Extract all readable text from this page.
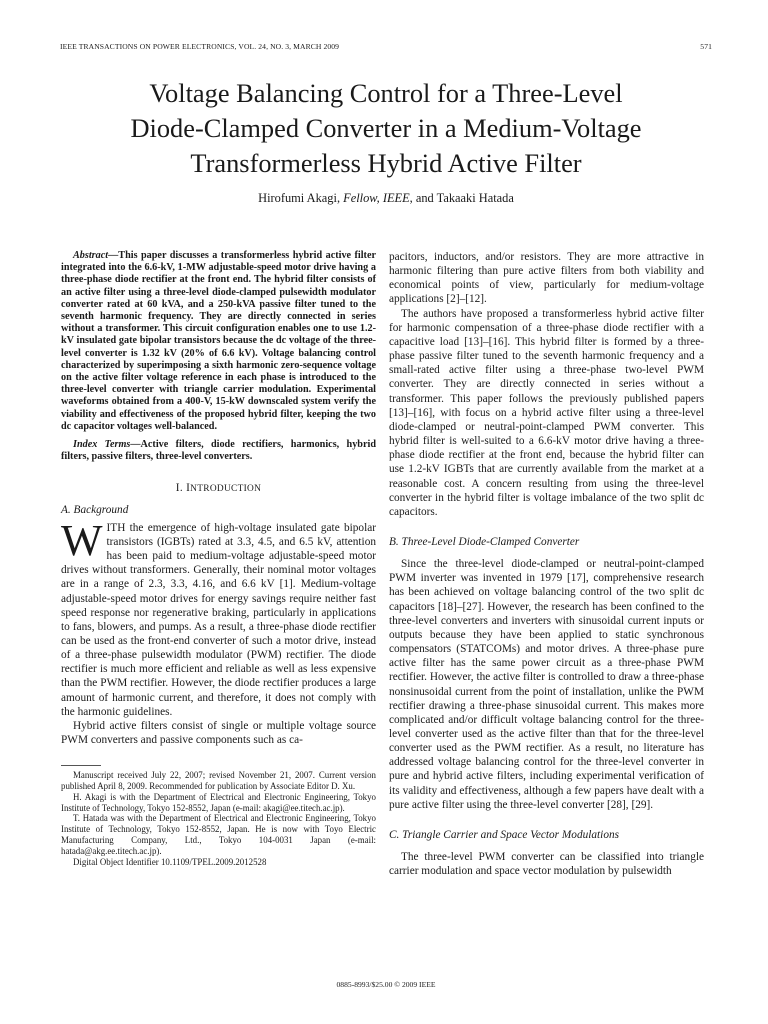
IEEE TRANSACTIONS ON POWER ELECTRONICS, VOL. 24, NO. 3, MARCH 2009	571
Voltage Balancing Control for a Three-Level
Diode-Clamped Converter in a Medium-Voltage
Transformerless Hybrid Active Filter
Hirofumi Akagi, Fellow, IEEE, and Takaaki Hatada

Abstract—This paper discusses a transformerless hybrid active filter integrated into the 6.6-kV, 1-MW adjustable-speed motor drive having a three-phase diode rectifier at the front end. The hybrid filter consists of an active filter using a three-level diode-clamped pulsewidth modulator converter rated at 60 kVA, and a 250-kVA passive filter tuned to the seventh harmonic frequency. They are directly connected in series without a transformer. This circuit configuration enables one to use 1.2-kV insulated gate bipolar transistors because the dc voltage of the three-level converter is 1.32 kV (20% of 6.6 kV). Voltage balancing control characterized by superimposing a sixth harmonic zero-sequence voltage on the active filter voltage reference in each phase is introduced to the three-level converter with triangle carrier modulation. Experimental waveforms obtained from a 400-V, 15-kW downscaled system verify the viability and effectiveness of the proposed hybrid filter, keeping the two dc capacitor voltages well-balanced.

Index Terms—Active filters, diode rectifiers, harmonics, hybrid filters, passive filters, three-level converters.

I. INTRODUCTION

A. Background

WITH the emergence of high-voltage insulated gate bipolar transistors (IGBTs) rated at 3.3, 4.5, and 6.5 kV, attention has been paid to medium-voltage adjustable-speed motor drives without transformers. Generally, their nominal motor voltages are in a range of 2.3, 3.3, 4.16, and 6.6 kV [1]. Medium-voltage adjustable-speed motor drives for energy savings require neither fast speed response nor regenerative braking, particularly in applications to fans, blowers, and pumps. As a result, a three-phase diode rectifier can be used as the front-end converter of such a motor drive, instead of a three-phase pulsewidth modulator (PWM) rectifier. The diode rectifier is much more efficient and reliable as well as less expensive than the PWM rectifier. However, the diode rectifier produces a large amount of harmonic current, and therefore, it does not comply with the harmonic guidelines.

Hybrid active filters consist of single or multiple voltage source PWM converters and passive components such as ca-

Manuscript received July 22, 2007; revised November 21, 2007. Current version published April 8, 2009. Recommended for publication by Associate Editor D. Xu.

H. Akagi is with the Department of Electrical and Electronic Engineering, Tokyo Institute of Technology, Tokyo 152-8552, Japan (e-mail: akagi@ee.titech.ac.jp).

T. Hatada was with the Department of Electrical and Electronic Engineering, Tokyo Institute of Technology, Tokyo 152-8552, Japan. He is now with Toyo Electric Manufacturing Company, Ltd., Tokyo 104-0031 Japan (e-mail: hatada@akg.ee.titech.ac.jp).

Digital Object Identifier 10.1109/TPEL.2009.2012528

pacitors, inductors, and/or resistors. They are more attractive in harmonic filtering than pure active filters from both viability and economical points of view, particularly for medium-voltage applications [2]–[12].

The authors have proposed a transformerless hybrid active filter for harmonic compensation of a three-phase diode rectifier with a capacitive load [13]–[16]. This hybrid filter is formed by a three-phase passive filter tuned to the seventh harmonic frequency and a small-rated active filter using a three-phase two-level PWM converter. They are directly connected in series without a transformer. This paper follows the previously published papers [13]–[16], with focus on a hybrid active filter using a three-level diode-clamped or neutral-point-clamped PWM converter. This hybrid filter is well-suited to a 6.6-kV motor drive having a three-phase diode rectifier at the front end, because the hybrid filter can use 1.2-kV IGBTs that are currently available from the market at a reasonable cost. A concern resulting from using the three-level converter in the hybrid filter is voltage imbalance of the two split dc capacitors.

B. Three-Level Diode-Clamped Converter

Since the three-level diode-clamped or neutral-point-clamped PWM inverter was invented in 1979 [17], comprehensive research has been achieved on voltage balancing control of the two split dc capacitors [18]–[27]. However, the research has been confined to the three-level converters and inverters with sinusoidal current inputs or outputs because they have been applied to static synchronous compensators (STATCOMs) and motor drives. A three-phase pure active filter has the same power circuit as a three-phase PWM rectifier. However, the active filter is controlled to draw a three-phase nonsinusoidal current from the point of installation, unlike the PWM rectifier drawing a three-phase sinusoidal current. This makes more complicated and/or difficult voltage balancing control for the three-level converter used as the active filter than that for the three-level converter used as the PWM rectifier. As a result, no literature has addressed voltage balancing control for the three-level converter in pure and hybrid active filters, including experimental verification of its validity and effectiveness, although a few papers have dealt with a pure active filter using the three-level converter [28], [29].

C. Triangle Carrier and Space Vector Modulations

The three-level PWM converter can be classified into triangle carrier modulation and space vector modulation by pulsewidth

0885-8993/$25.00 © 2009 IEEE
